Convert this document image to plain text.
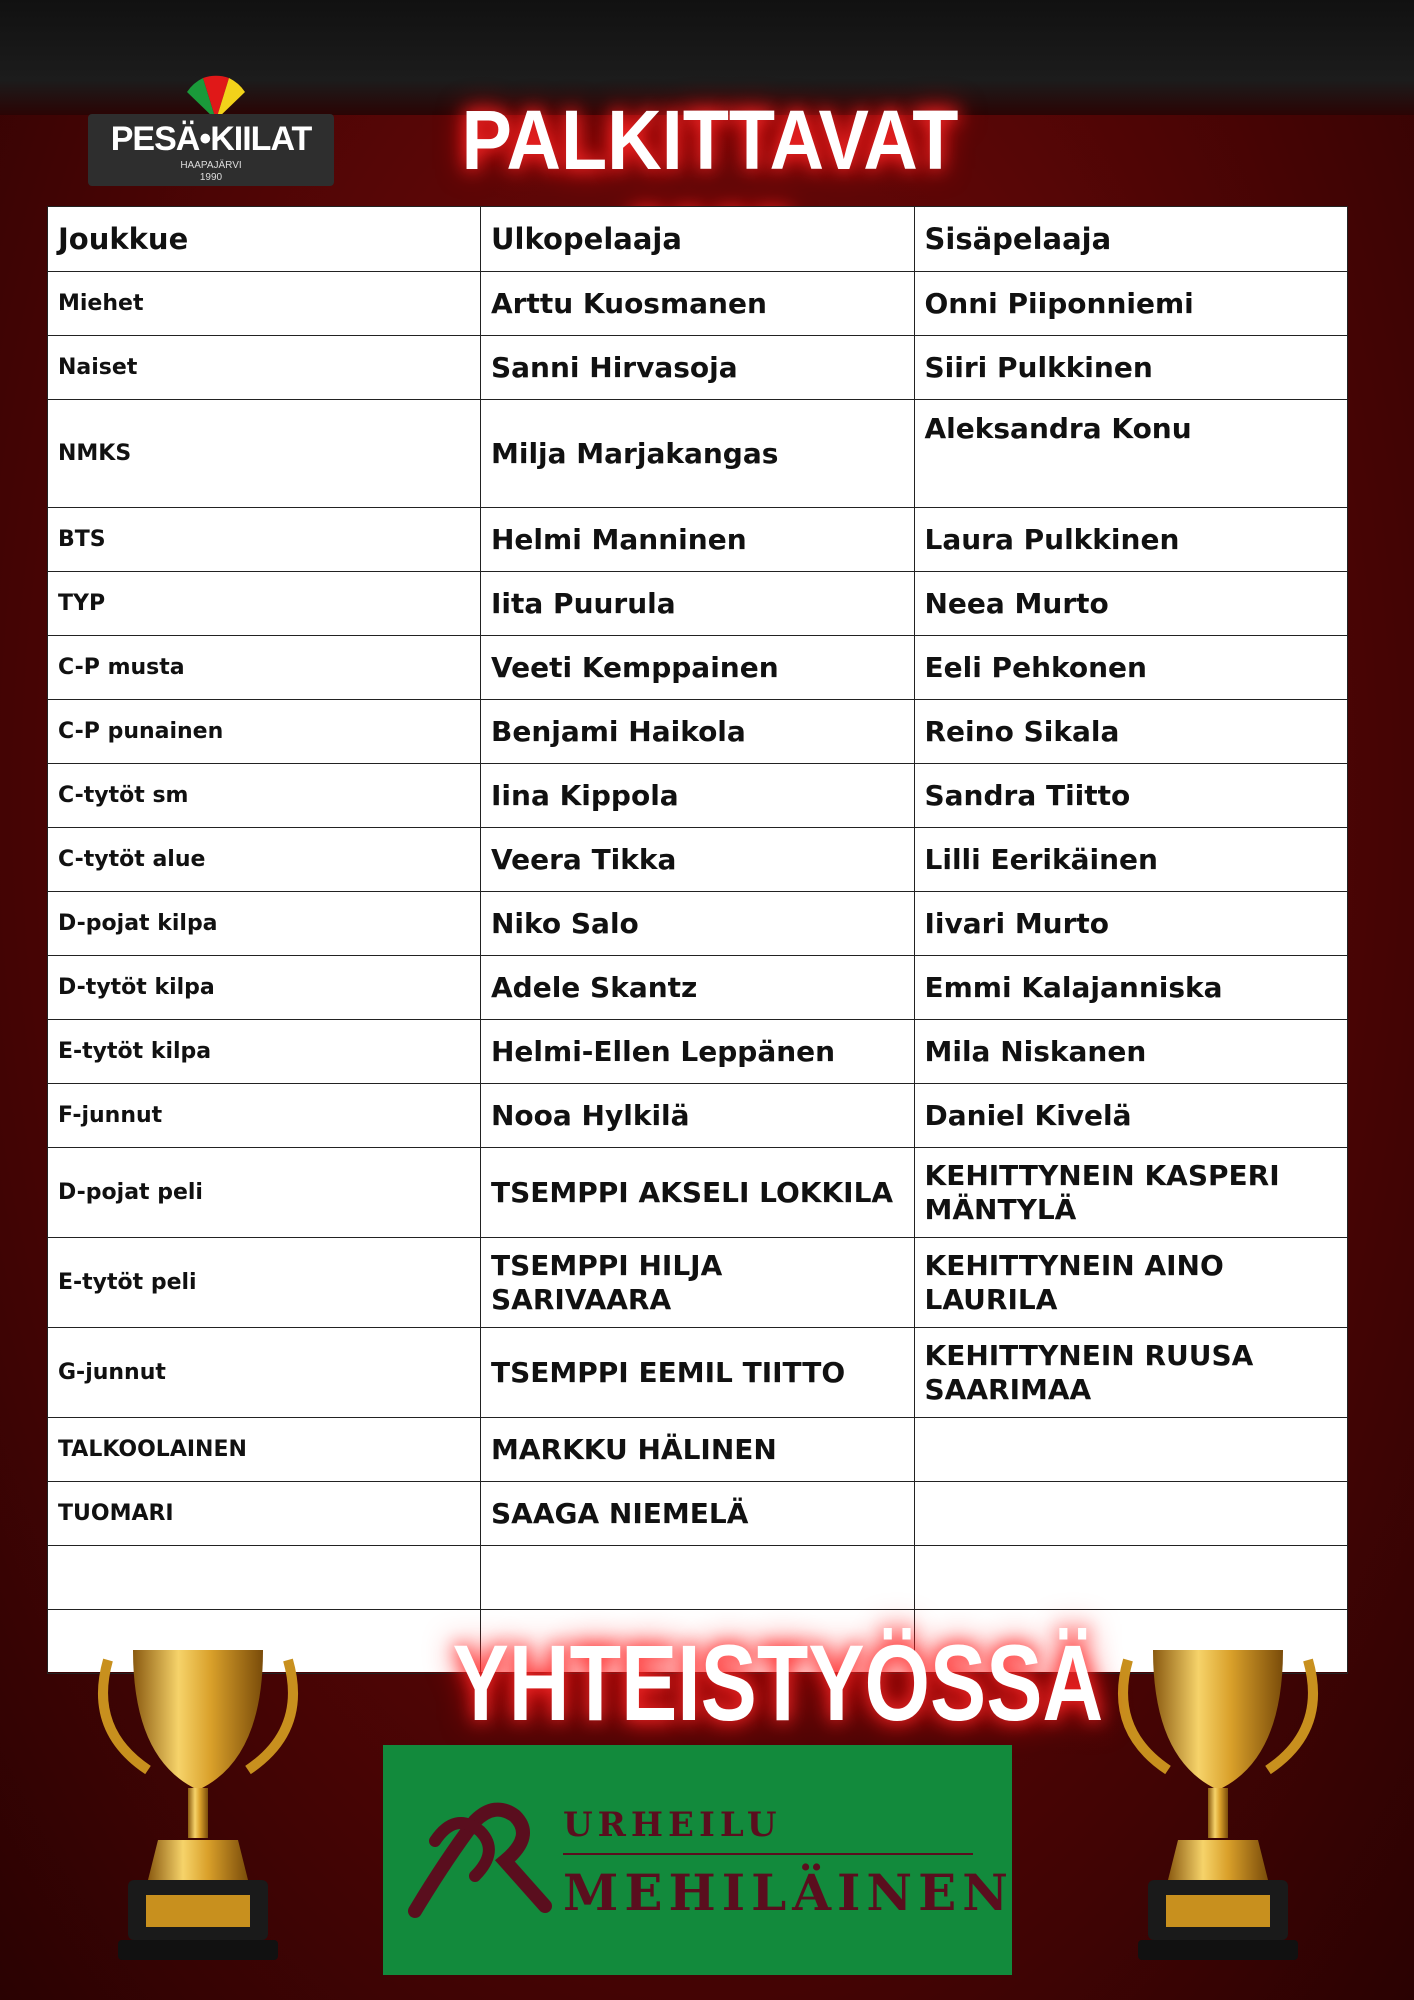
PESÄ•KIILAT
HAAPAJÄRVI
1990	PALKITTAVAT
Joukkue	Ulkopelaaja	Sisäpelaaja
Miehet	Arttu Kuosmanen	Onni Piiponniemi
Naiset	Sanni Hirvasoja	Siiri Pulkkinen
NMKS	Milja Marjakangas	Aleksandra Konu
BTS	Helmi Manninen	Laura Pulkkinen
TYP	Iita Puurula	Neea Murto
C-P musta	Veeti Kemppainen	Eeli Pehkonen
C-P punainen	Benjami Haikola	Reino Sikala
C-tytöt sm	Iina Kippola	Sandra Tiitto
C-tytöt alue	Veera Tikka	Lilli Eerikäinen
D-pojat kilpa	Niko Salo	Iivari Murto
D-tytöt kilpa	Adele Skantz	Emmi Kalajanniska
E-tytöt kilpa	Helmi-Ellen Leppänen	Mila Niskanen
F-junnut	Nooa Hylkilä	Daniel Kivelä
D-pojat peli	TSEMPPI AKSELI LOKKILA	KEHITTYNEIN KASPERI MÄNTYLÄ
E-tytöt peli	TSEMPPI HILJA SARIVAARA	KEHITTYNEIN AINO LAURILA
G-junnut	TSEMPPI EEMIL TIITTO	KEHITTYNEIN RUUSA SAARIMAA
TALKOOLAINEN	MARKKU HÄLINEN	
TUOMARI	SAAGA NIEMELÄ	

YHTEISTYÖSSÄ
URHEILU
MEHILÄINEN
